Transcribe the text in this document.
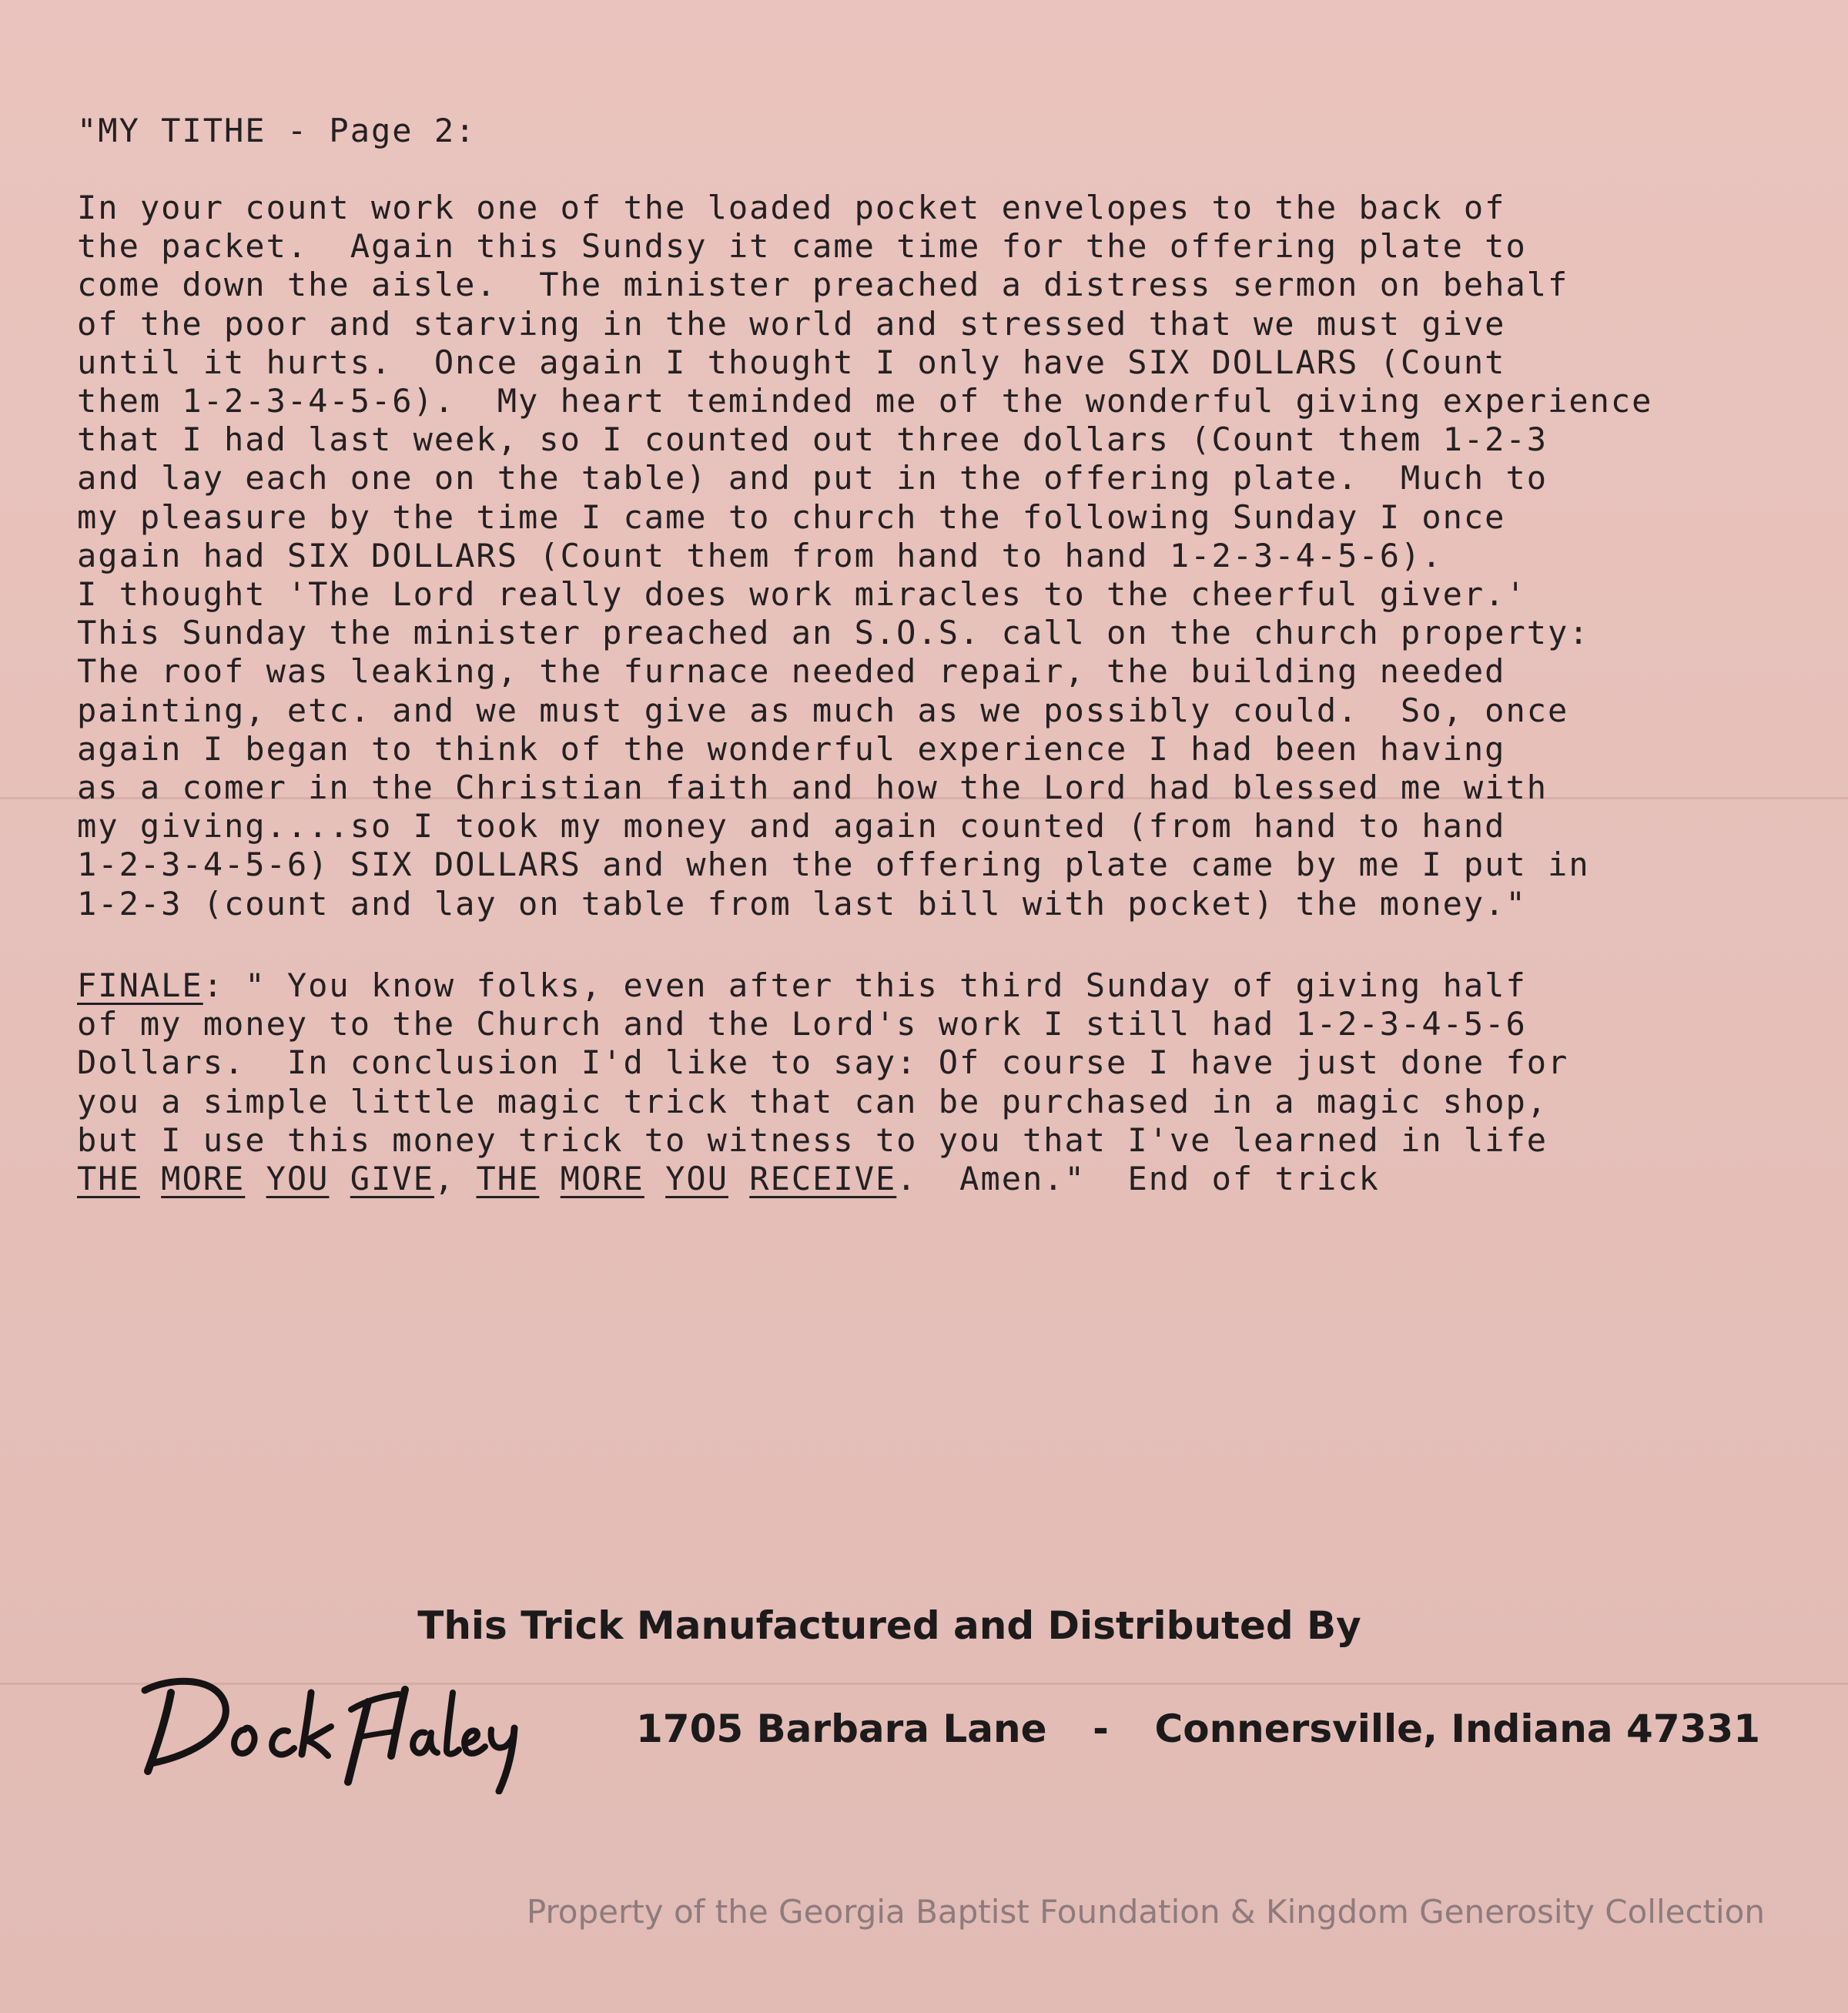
"MY TITHE - Page 2:
In your count work one of the loaded pocket envelopes to the back of
the packet.  Again this Sundsy it came time for the offering plate to
come down the aisle.  The minister preached a distress sermon on behalf
of the poor and starving in the world and stressed that we must give
until it hurts.  Once again I thought I only have SIX DOLLARS (Count
them 1-2-3-4-5-6).  My heart teminded me of the wonderful giving experience
that I had last week, so I counted out three dollars (Count them 1-2-3
and lay each one on the table) and put in the offering plate.  Much to
my pleasure by the time I came to church the following Sunday I once
again had SIX DOLLARS (Count them from hand to hand 1-2-3-4-5-6).
I thought 'The Lord really does work miracles to the cheerful giver.'
This Sunday the minister preached an S.O.S. call on the church property:
The roof was leaking, the furnace needed repair, the building needed
painting, etc. and we must give as much as we possibly could.  So, once
again I began to think of the wonderful experience I had been having
as a comer in the Christian faith and how the Lord had blessed me with
my giving....so I took my money and again counted (from hand to hand
1-2-3-4-5-6) SIX DOLLARS and when the offering plate came by me I put in
1-2-3 (count and lay on table from last bill with pocket) the money."
FINALE: " You know folks, even after this third Sunday of giving half
of my money to the Church and the Lord's work I still had 1-2-3-4-5-6
Dollars.  In conclusion I'd like to say: Of course I have just done for
you a simple little magic trick that can be purchased in a magic shop,
but I use this money trick to witness to you that I've learned in life
THE MORE YOU GIVE, THE MORE YOU RECEIVE.  Amen."  End of trick
This Trick Manufactured and Distributed By
1705 Barbara Lane - Connersville, Indiana 47331
Property of the Georgia Baptist Foundation & Kingdom Generosity Collection
